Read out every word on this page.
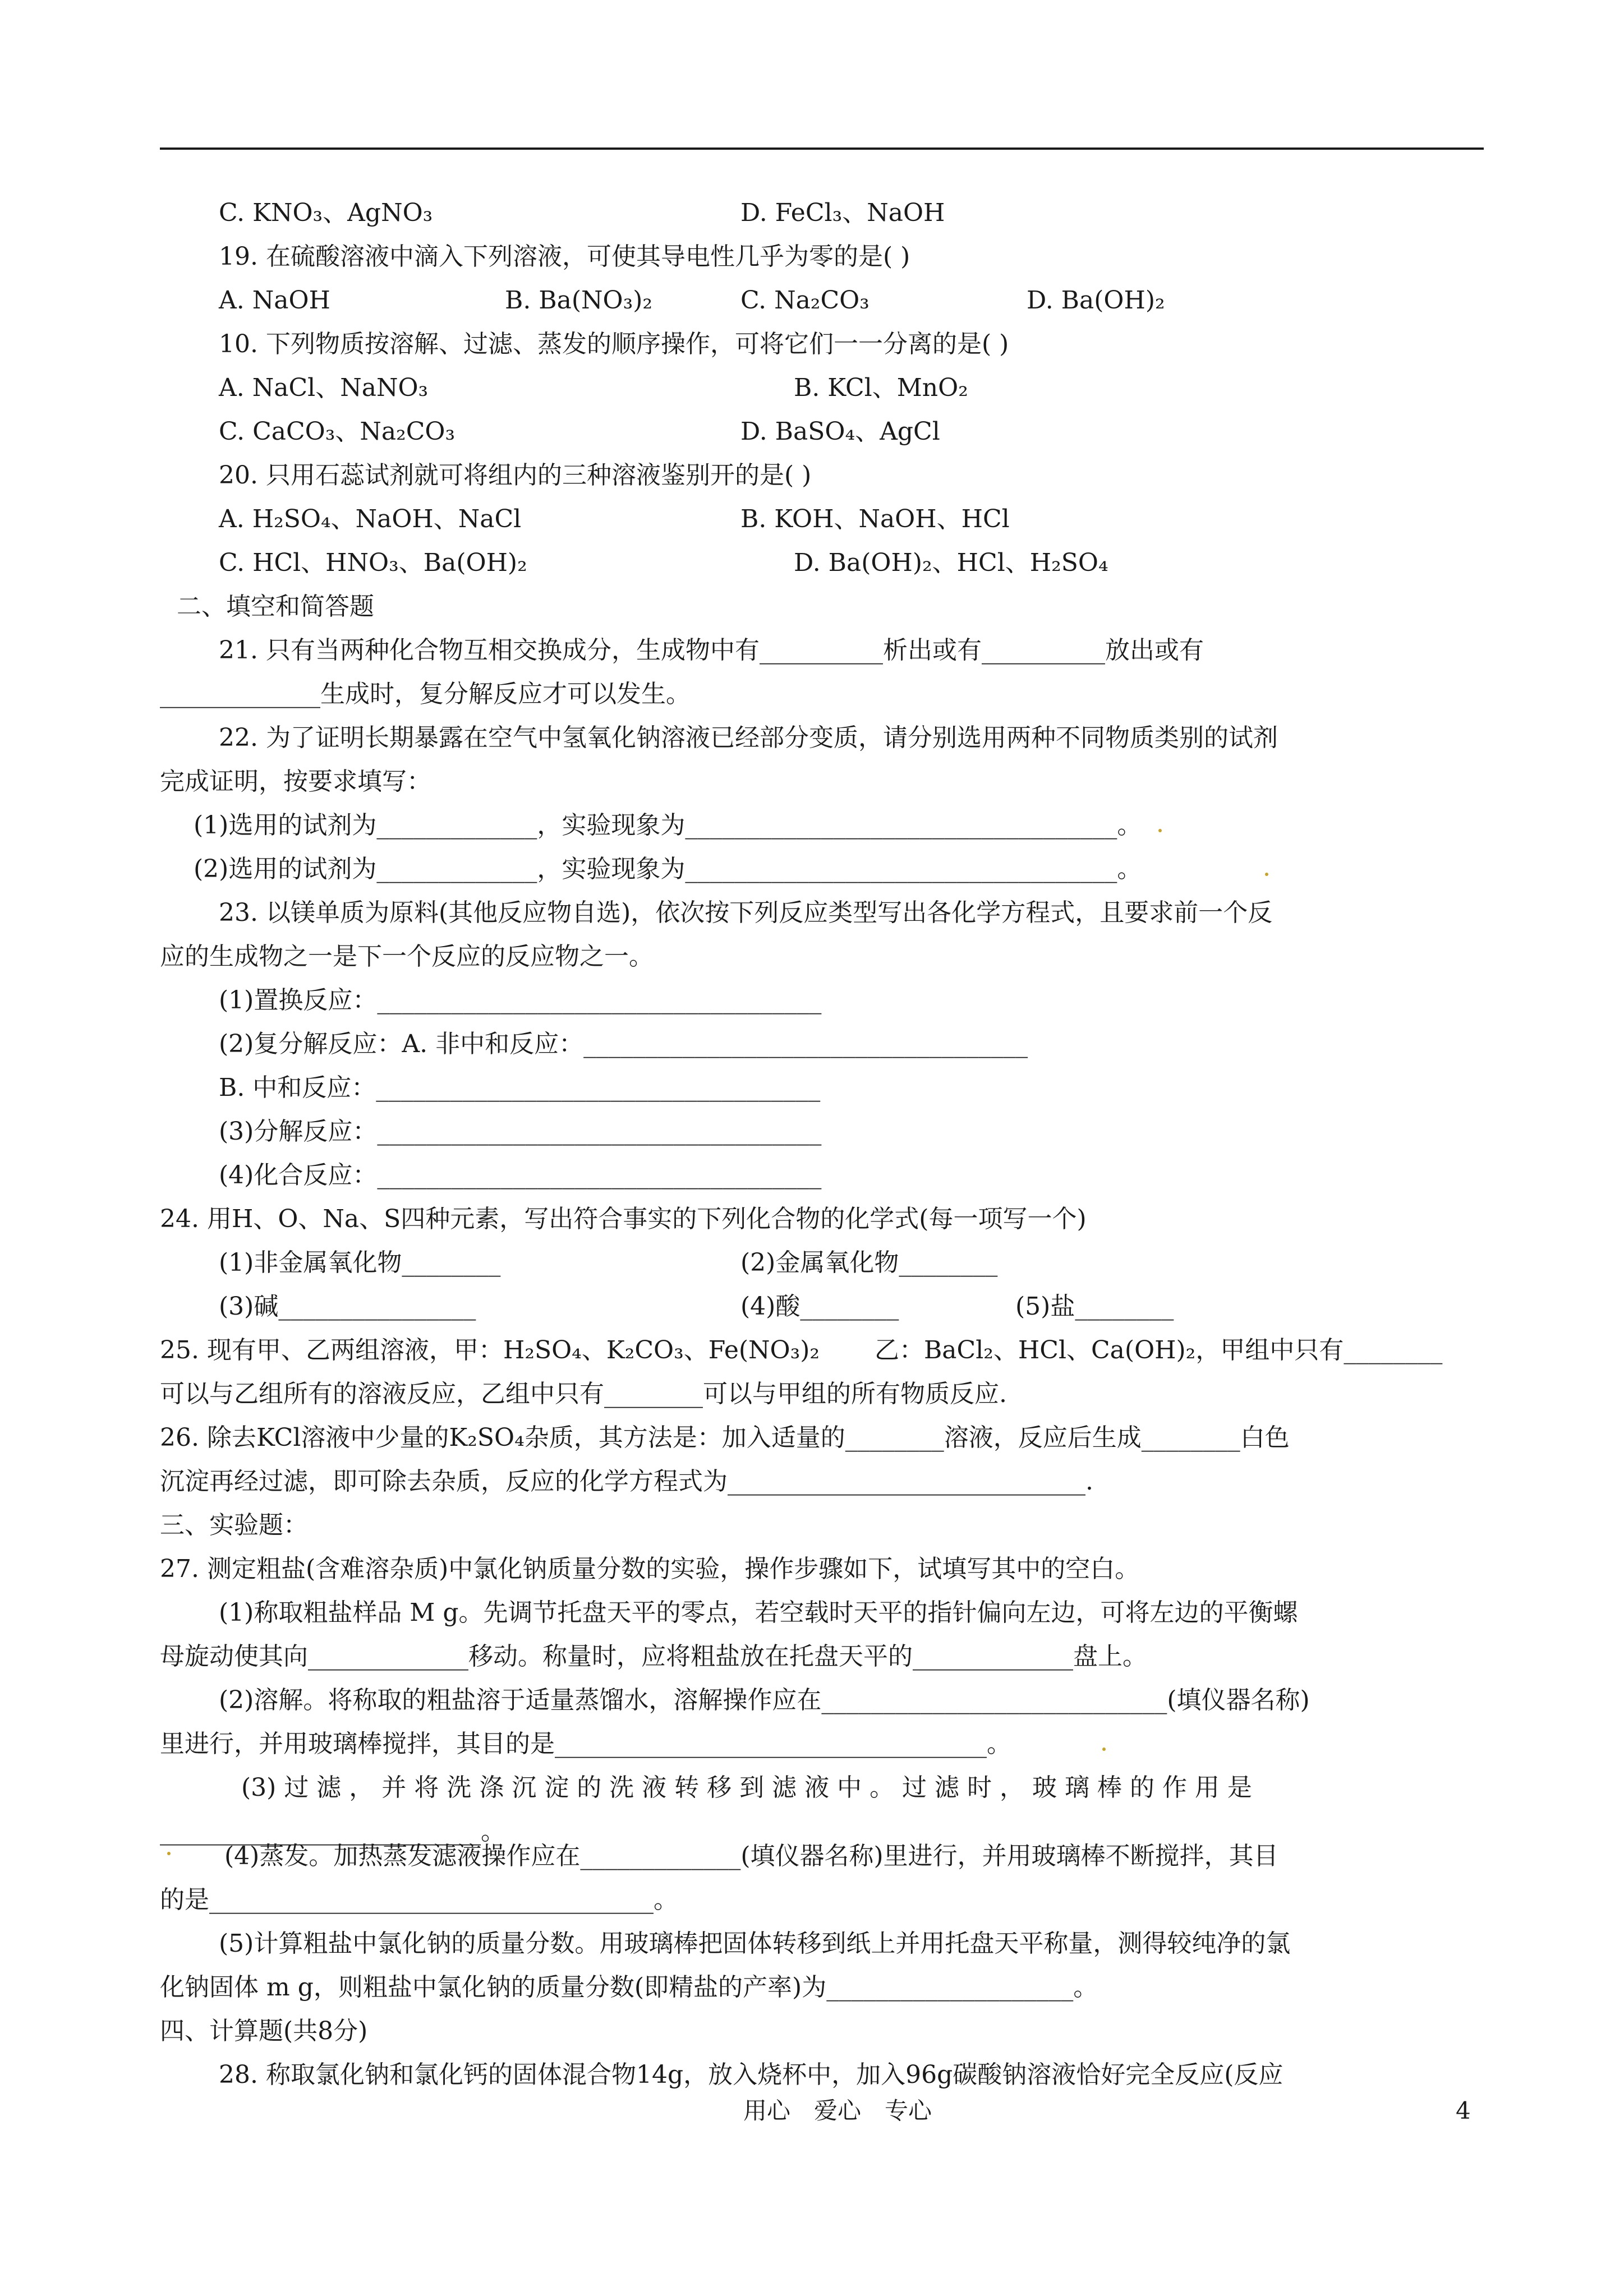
C. KNO₃、AgNO₃	D. FeCl₃、NaOH
19. 在硫酸溶液中滴入下列溶液，可使其导电性几乎为零的是( )
A. NaOH	B. Ba(NO₃)₂	C. Na₂CO₃	D. Ba(OH)₂
10. 下列物质按溶解、过滤、蒸发的顺序操作，可将它们一一分离的是( )
A. NaCl、NaNO₃	B. KCl、MnO₂
C. CaCO₃、Na₂CO₃	D. BaSO₄、AgCl
20. 只用石蕊试剂就可将组内的三种溶液鉴别开的是( )
A. H₂SO₄、NaOH、NaCl	B. KOH、NaOH、HCl
C. HCl、HNO₃、Ba(OH)₂	D. Ba(OH)₂、HCl、H₂SO₄
二、填空和简答题
21. 只有当两种化合物互相交换成分，生成物中有__________析出或有__________放出或有
_____________生成时，复分解反应才可以发生。
22. 为了证明长期暴露在空气中氢氧化钠溶液已经部分变质，请分别选用两种不同物质类别的试剂
完成证明，按要求填写：
(1)选用的试剂为_____________，实验现象为___________________________________。
(2)选用的试剂为_____________，实验现象为___________________________________。
23. 以镁单质为原料(其他反应物自选)，依次按下列反应类型写出各化学方程式，且要求前一个反
应的生成物之一是下一个反应的反应物之一。
(1)置换反应：____________________________________
(2)复分解反应：A. 非中和反应：____________________________________
B. 中和反应：____________________________________
(3)分解反应：____________________________________
(4)化合反应：____________________________________
24. 用H、O、Na、S四种元素，写出符合事实的下列化合物的化学式(每一项写一个)
(1)非金属氧化物________	(2)金属氧化物________
(3)碱________________	(4)酸________	(5)盐________
25. 现有甲、乙两组溶液，甲：H₂SO₄、K₂CO₃、Fe(NO₃)₂       乙：BaCl₂、HCl、Ca(OH)₂，甲组中只有________
可以与乙组所有的溶液反应，乙组中只有________可以与甲组的所有物质反应.
26. 除去KCl溶液中少量的K₂SO₄杂质，其方法是：加入适量的________溶液，反应后生成________白色
沉淀再经过滤，即可除去杂质，反应的化学方程式为_____________________________.
三、实验题：
27. 测定粗盐(含难溶杂质)中氯化钠质量分数的实验，操作步骤如下，试填写其中的空白。
(1)称取粗盐样品 M g。先调节托盘天平的零点，若空载时天平的指针偏向左边，可将左边的平衡螺
母旋动使其向_____________移动。称量时，应将粗盐放在托盘天平的_____________盘上。
(2)溶解。将称取的粗盐溶于适量蒸馏水，溶解操作应在____________________________(填仪器名称)
里进行，并用玻璃棒搅拌，其目的是___________________________________。
(3) 过 滤 ， 并 将 洗 涤 沉 淀 的 洗 液 转 移 到 滤 液 中 。 过 滤 时 ， 玻 璃 棒 的 作 用 是
__________________________。
(4)蒸发。加热蒸发滤液操作应在_____________(填仪器名称)里进行，并用玻璃棒不断搅拌，其目
的是____________________________________。
(5)计算粗盐中氯化钠的质量分数。用玻璃棒把固体转移到纸上并用托盘天平称量，测得较纯净的氯
化钠固体 m g，则粗盐中氯化钠的质量分数(即精盐的产率)为____________________。
四、计算题(共8分)
28. 称取氯化钠和氯化钙的固体混合物14g，放入烧杯中，加入96g碳酸钠溶液恰好完全反应(反应
用心　爱心　专心	4
